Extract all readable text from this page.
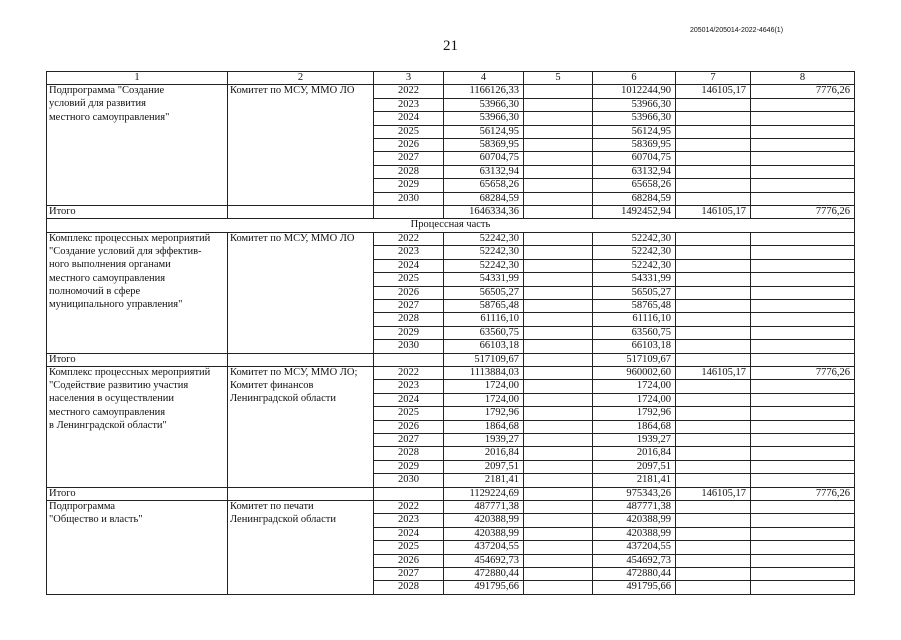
205014/205014-2022-4646(1)
21
1	2	3	4	5	6	7	8
Подпрограмма "Создание	Комитет по МСУ, ММО ЛО	2022	1166126,33		1012244,90	146105,17	7776,26
условий для развития		2023	53966,30		53966,30		
местного самоуправления"		2024	53966,30		53966,30		
		2025	56124,95		56124,95		
		2026	58369,95		58369,95		
		2027	60704,75		60704,75		
		2028	63132,94		63132,94		
		2029	65658,26		65658,26		
		2030	68284,59		68284,59		
Итого			1646334,36		1492452,94	146105,17	7776,26
Процессная часть							
Комплекс процессных мероприятий	Комитет по МСУ, ММО ЛО	2022	52242,30		52242,30		
"Создание условий для эффектив-		2023	52242,30		52242,30		
ного выполнения органами		2024	52242,30		52242,30		
местного самоуправления		2025	54331,99		54331,99		
полномочий в сфере		2026	56505,27		56505,27		
муниципального управления"		2027	58765,48		58765,48		
		2028	61116,10		61116,10		
		2029	63560,75		63560,75		
		2030	66103,18		66103,18		
Итого			517109,67		517109,67		
Комплекс процессных мероприятий	Комитет по МСУ, ММО ЛО;	2022	1113884,03		960002,60	146105,17	7776,26
"Содействие развитию участия	Комитет финансов	2023	1724,00		1724,00		
населения в осуществлении	Ленинградской области	2024	1724,00		1724,00		
местного самоуправления		2025	1792,96		1792,96		
в Ленинградской области"		2026	1864,68		1864,68		
		2027	1939,27		1939,27		
		2028	2016,84		2016,84		
		2029	2097,51		2097,51		
		2030	2181,41		2181,41		
Итого			1129224,69		975343,26	146105,17	7776,26
Подпрограмма	Комитет по печати	2022	487771,38		487771,38		
"Общество и власть"	Ленинградской области	2023	420388,99		420388,99		
		2024	420388,99		420388,99		
		2025	437204,55		437204,55		
		2026	454692,73		454692,73		
		2027	472880,44		472880,44		
		2028	491795,66		491795,66		
